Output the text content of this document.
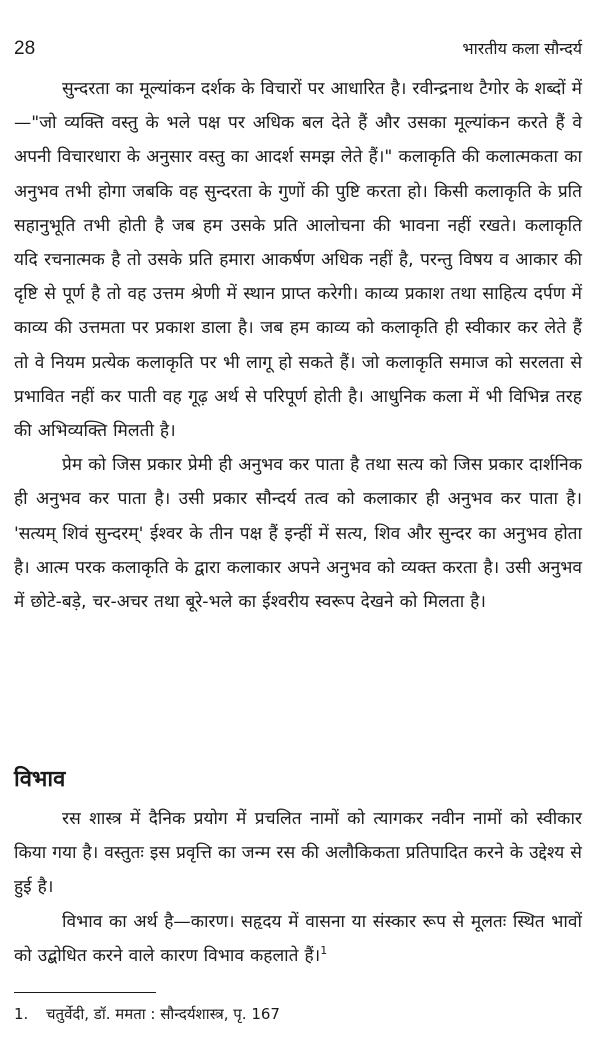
28	भारतीय कला सौन्दर्य

सुन्दरता का मूल्यांकन दर्शक के विचारों पर आधारित है। रवीन्द्रनाथ टैगोर के शब्दों में—"जो व्यक्ति वस्तु के भले पक्ष पर अधिक बल देते हैं और उसका मूल्यांकन करते हैं वे अपनी विचारधारा के अनुसार वस्तु का आदर्श समझ लेते हैं।" कलाकृति की कलात्मकता का अनुभव तभी होगा जबकि वह सुन्दरता के गुणों की पुष्टि करता हो। किसी कलाकृति के प्रति सहानुभूति तभी होती है जब हम उसके प्रति आलोचना की भावना नहीं रखते। कलाकृति यदि रचनात्मक है तो उसके प्रति हमारा आकर्षण अधिक नहीं है, परन्तु विषय व आकार की दृष्टि से पूर्ण है तो वह उत्तम श्रेणी में स्थान प्राप्त करेगी। काव्य प्रकाश तथा साहित्य दर्पण में काव्य की उत्तमता पर प्रकाश डाला है। जब हम काव्य को कलाकृति ही स्वीकार कर लेते हैं तो वे नियम प्रत्येक कलाकृति पर भी लागू हो सकते हैं। जो कलाकृति समाज को सरलता से प्रभावित नहीं कर पाती वह गूढ़ अर्थ से परिपूर्ण होती है। आधुनिक कला में भी विभिन्न तरह की अभिव्यक्ति मिलती है।

प्रेम को जिस प्रकार प्रेमी ही अनुभव कर पाता है तथा सत्य को जिस प्रकार दार्शनिक ही अनुभव कर पाता है। उसी प्रकार सौन्दर्य तत्व को कलाकार ही अनुभव कर पाता है। 'सत्यम् शिवं सुन्दरम्' ईश्वर के तीन पक्ष हैं इन्हीं में सत्य, शिव और सुन्दर का अनुभव होता है। आत्म परक कलाकृति के द्वारा कलाकार अपने अनुभव को व्यक्त करता है। उसी अनुभव में छोटे-बड़े, चर-अचर तथा बूरे-भले का ईश्वरीय स्वरूप देखने को मिलता है।

विभाव

रस शास्त्र में दैनिक प्रयोग में प्रचलित नामों को त्यागकर नवीन नामों को स्वीकार किया गया है। वस्तुतः इस प्रवृत्ति का जन्म रस की अलौकिकता प्रतिपादित करने के उद्देश्य से हुई है।

विभाव का अर्थ है—कारण। सहृदय में वासना या संस्कार रूप से मूलतः स्थित भावों को उद्बोधित करने वाले कारण विभाव कहलाते हैं।$^1$

1. चतुर्वेदी, डॉ. ममता : सौन्दर्यशास्त्र, पृ. 167
